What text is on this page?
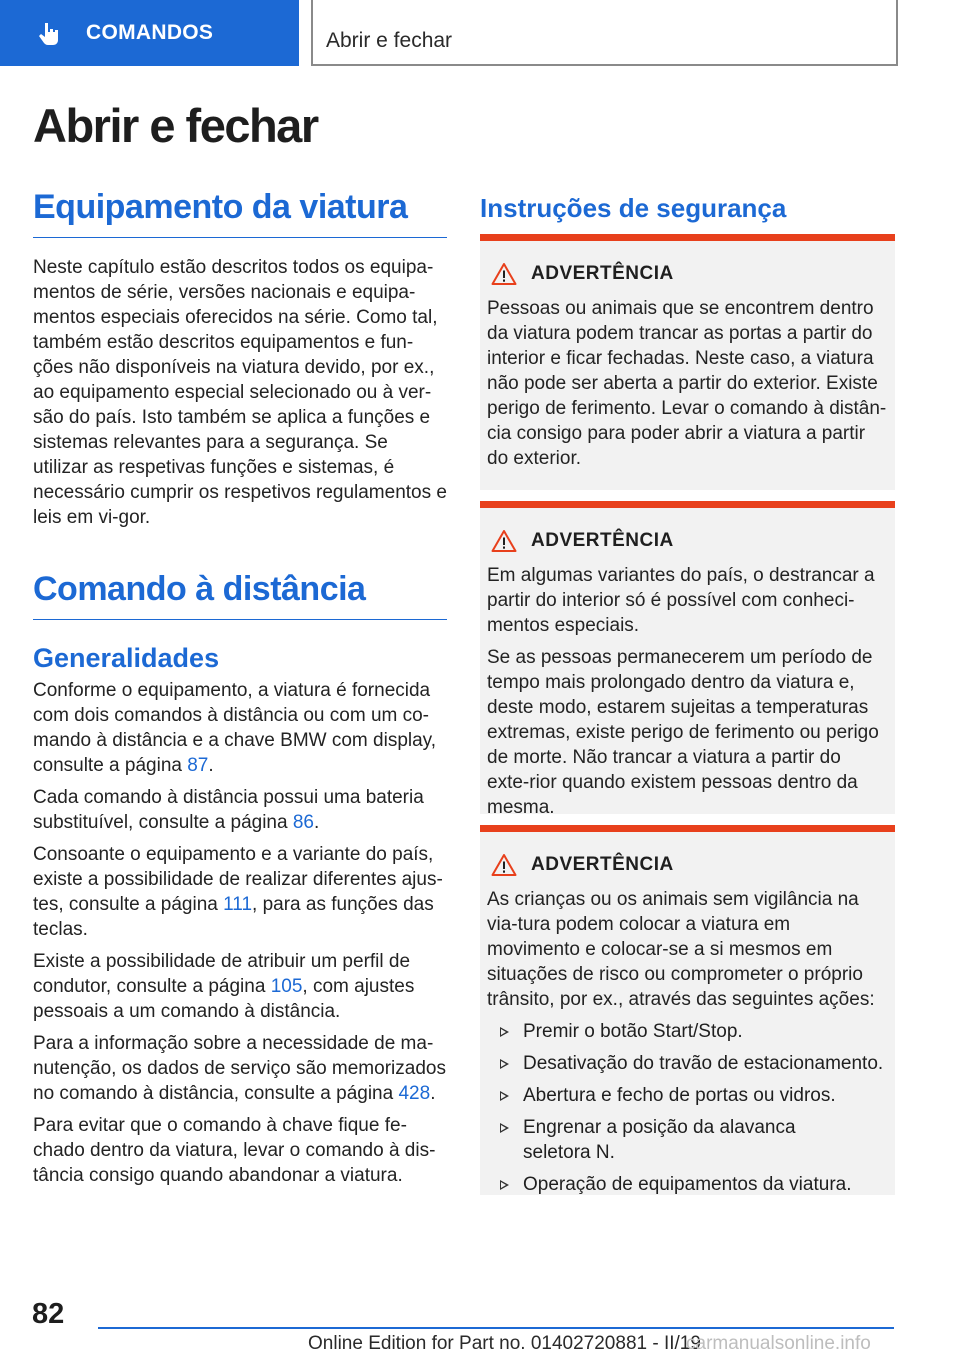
COMANDOS	Abrir e fechar
Abrir e fechar
Equipamento da viatura

Neste capítulo estão descritos todos os equipa-mentos de série, versões nacionais e equipa-mentos especiais oferecidos na série. Como tal, também estão descritos equipamentos e fun-ções não disponíveis na viatura devido, por ex., ao equipamento especial selecionado ou à ver-são do país. Isto também se aplica a funções e sistemas relevantes para a segurança. Se utilizar as respetivas funções e sistemas, é necessário cumprir os respetivos regulamentos e leis em vi-gor.

Comando à distância
Generalidades

Conforme o equipamento, a viatura é fornecida com dois comandos à distância ou com um co-mando à distância e a chave BMW com display, consulte a página 87.

Cada comando à distância possui uma bateria substituível, consulte a página 86.

Consoante o equipamento e a variante do país, existe a possibilidade de realizar diferentes ajus-tes, consulte a página 111, para as funções das teclas.

Existe a possibilidade de atribuir um perfil de condutor, consulte a página 105, com ajustes pessoais a um comando à distância.

Para a informação sobre a necessidade de ma-nutenção, os dados de serviço são memorizados no comando à distância, consulte a página 428.

Para evitar que o comando à chave fique fe-chado dentro da viatura, levar o comando à dis-tância consigo quando abandonar a viatura.

Instruções de segurança
ADVERTÊNCIA

Pessoas ou animais que se encontrem dentro da viatura podem trancar as portas a partir do interior e ficar fechadas. Neste caso, a viatura não pode ser aberta a partir do exterior. Existe perigo de ferimento. Levar o comando à distân-cia consigo para poder abrir a viatura a partir do exterior.

ADVERTÊNCIA

Em algumas variantes do país, o destrancar a partir do interior só é possível com conheci-mentos especiais.

Se as pessoas permanecerem um período de tempo mais prolongado dentro da viatura e, deste modo, estarem sujeitas a temperaturas extremas, existe perigo de ferimento ou perigo de morte. Não trancar a viatura a partir do exte-rior quando existem pessoas dentro da mesma.

ADVERTÊNCIA

As crianças ou os animais sem vigilância na via-tura podem colocar a viatura em movimento e colocar-se a si mesmos em situações de risco ou comprometer o próprio trânsito, por ex., através das seguintes ações:

Premir o botão Start/Stop.
Desativação do travão de estacionamento.
Abertura e fecho de portas ou vidros.
Engrenar a posição da alavanca seletora N.
Operação de equipamentos da viatura.
82
Online Edition for Part no. 01402720881 - II/19
carmanualsonline.info
